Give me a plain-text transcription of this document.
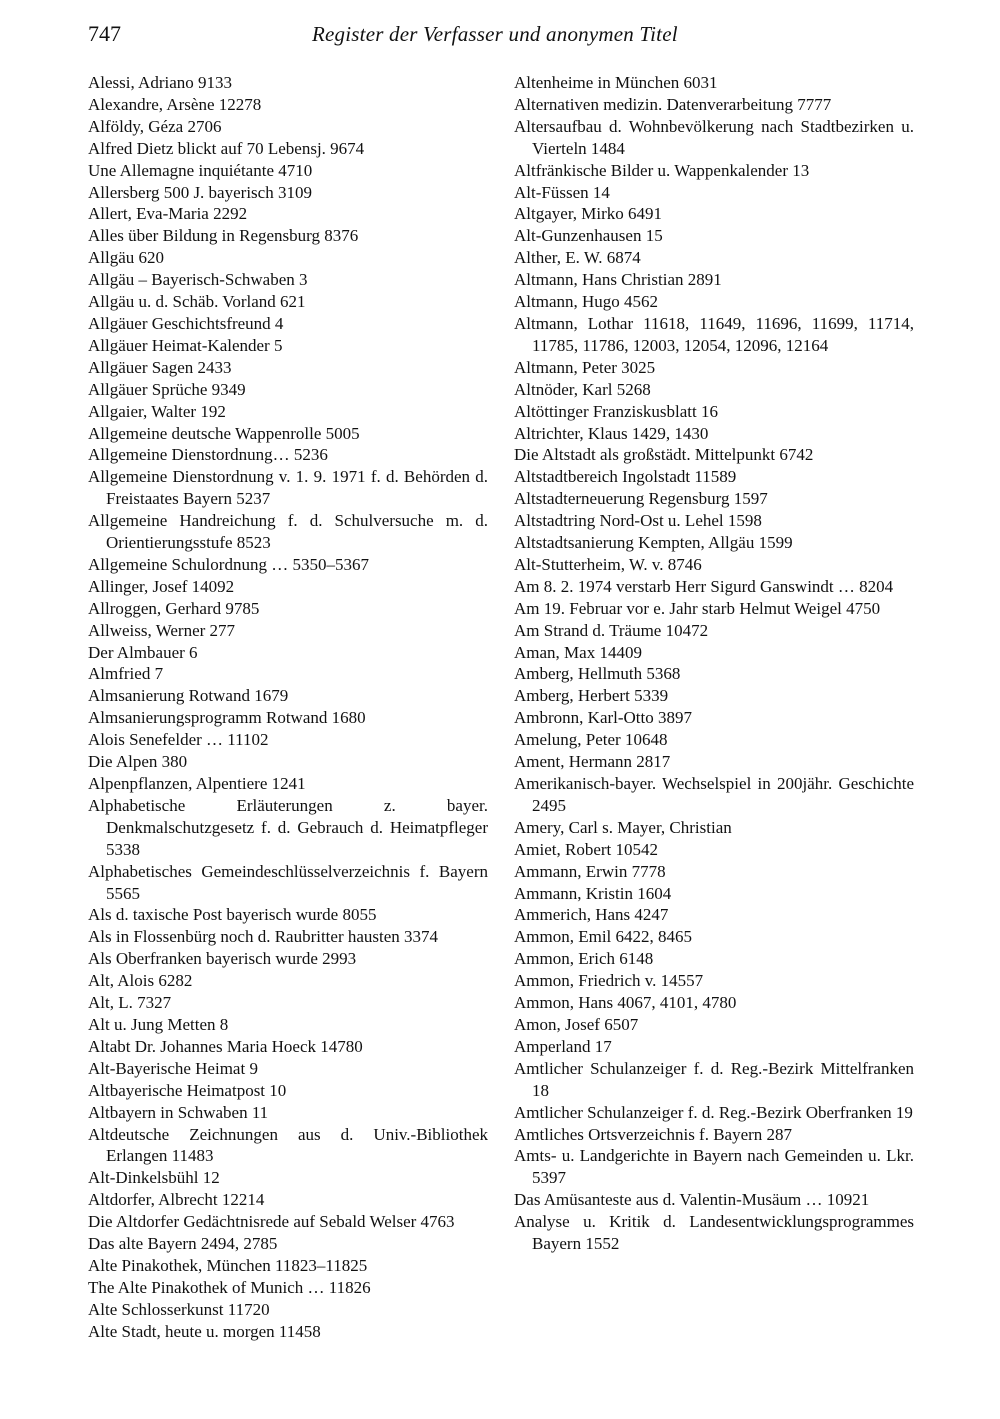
747	Register der Verfasser und anonymen Titel

Alessi, Adriano 9133

Alexandre, Arsène 12278

Alföldy, Géza 2706

Alfred Dietz blickt auf 70 Lebensj. 9674

Une Allemagne inquiétante 4710

Allersberg 500 J. bayerisch 3109

Allert, Eva-Maria 2292

Alles über Bildung in Regensburg 8376

Allgäu 620

Allgäu – Bayerisch-Schwaben 3

Allgäu u. d. Schäb. Vorland 621

Allgäuer Geschichtsfreund 4

Allgäuer Heimat-Kalender 5

Allgäuer Sagen 2433

Allgäuer Sprüche 9349

Allgaier, Walter 192

Allgemeine deutsche Wappenrolle 5005

Allgemeine Dienstordnung… 5236

Allgemeine Dienstordnung v. 1. 9. 1971 f. d. Behörden d. Freistaates Bayern 5237

Allgemeine Handreichung f. d. Schulversuche m. d. Orientierungsstufe 8523

Allgemeine Schulordnung … 5350–5367

Allinger, Josef 14092

Allroggen, Gerhard 9785

Allweiss, Werner 277

Der Almbauer 6

Almfried 7

Almsanierung Rotwand 1679

Almsanierungsprogramm Rotwand 1680

Alois Senefelder … 11102

Die Alpen 380

Alpenpflanzen, Alpentiere 1241

Alphabetische Erläuterungen z. bayer. Denkmalschutzgesetz f. d. Gebrauch d. Heimatpfleger 5338

Alphabetisches Gemeindeschlüsselverzeichnis f. Bayern 5565

Als d. taxische Post bayerisch wurde 8055

Als in Flossenbürg noch d. Raubritter hausten 3374

Als Oberfranken bayerisch wurde 2993

Alt, Alois 6282

Alt, L. 7327

Alt u. Jung Metten 8

Altabt Dr. Johannes Maria Hoeck 14780

Alt-Bayerische Heimat 9

Altbayerische Heimatpost 10

Altbayern in Schwaben 11

Altdeutsche Zeichnungen aus d. Univ.-Bibliothek Erlangen 11483

Alt-Dinkelsbühl 12

Altdorfer, Albrecht 12214

Die Altdorfer Gedächtnisrede auf Sebald Welser 4763

Das alte Bayern 2494, 2785

Alte Pinakothek, München 11823–11825

The Alte Pinakothek of Munich … 11826

Alte Schlosserkunst 11720

Alte Stadt, heute u. morgen 11458

Altenheime in München 6031

Alternativen medizin. Datenverarbeitung 7777

Altersaufbau d. Wohnbevölkerung nach Stadtbezirken u. Vierteln 1484

Altfränkische Bilder u. Wappenkalender 13

Alt-Füssen 14

Altgayer, Mirko 6491

Alt-Gunzenhausen 15

Alther, E. W. 6874

Altmann, Hans Christian 2891

Altmann, Hugo 4562

Altmann, Lothar 11618, 11649, 11696, 11699, 11714, 11785, 11786, 12003, 12054, 12096, 12164

Altmann, Peter 3025

Altnöder, Karl 5268

Altöttinger Franziskusblatt 16

Altrichter, Klaus 1429, 1430

Die Altstadt als großstädt. Mittelpunkt 6742

Altstadtbereich Ingolstadt 11589

Altstadterneuerung Regensburg 1597

Altstadtring Nord-Ost u. Lehel 1598

Altstadtsanierung Kempten, Allgäu 1599

Alt-Stutterheim, W. v. 8746

Am 8. 2. 1974 verstarb Herr Sigurd Ganswindt … 8204

Am 19. Februar vor e. Jahr starb Helmut Weigel 4750

Am Strand d. Träume 10472

Aman, Max 14409

Amberg, Hellmuth 5368

Amberg, Herbert 5339

Ambronn, Karl-Otto 3897

Amelung, Peter 10648

Ament, Hermann 2817

Amerikanisch-bayer. Wechselspiel in 200jähr. Geschichte 2495

Amery, Carl s. Mayer, Christian

Amiet, Robert 10542

Ammann, Erwin 7778

Ammann, Kristin 1604

Ammerich, Hans 4247

Ammon, Emil 6422, 8465

Ammon, Erich 6148

Ammon, Friedrich v. 14557

Ammon, Hans 4067, 4101, 4780

Amon, Josef 6507

Amperland 17

Amtlicher Schulanzeiger f. d. Reg.-Bezirk Mittelfranken 18

Amtlicher Schulanzeiger f. d. Reg.-Bezirk Oberfranken 19

Amtliches Ortsverzeichnis f. Bayern 287

Amts- u. Landgerichte in Bayern nach Gemeinden u. Lkr. 5397

Das Amüsanteste aus d. Valentin-Musäum … 10921

Analyse u. Kritik d. Landesentwicklungsprogrammes Bayern 1552
